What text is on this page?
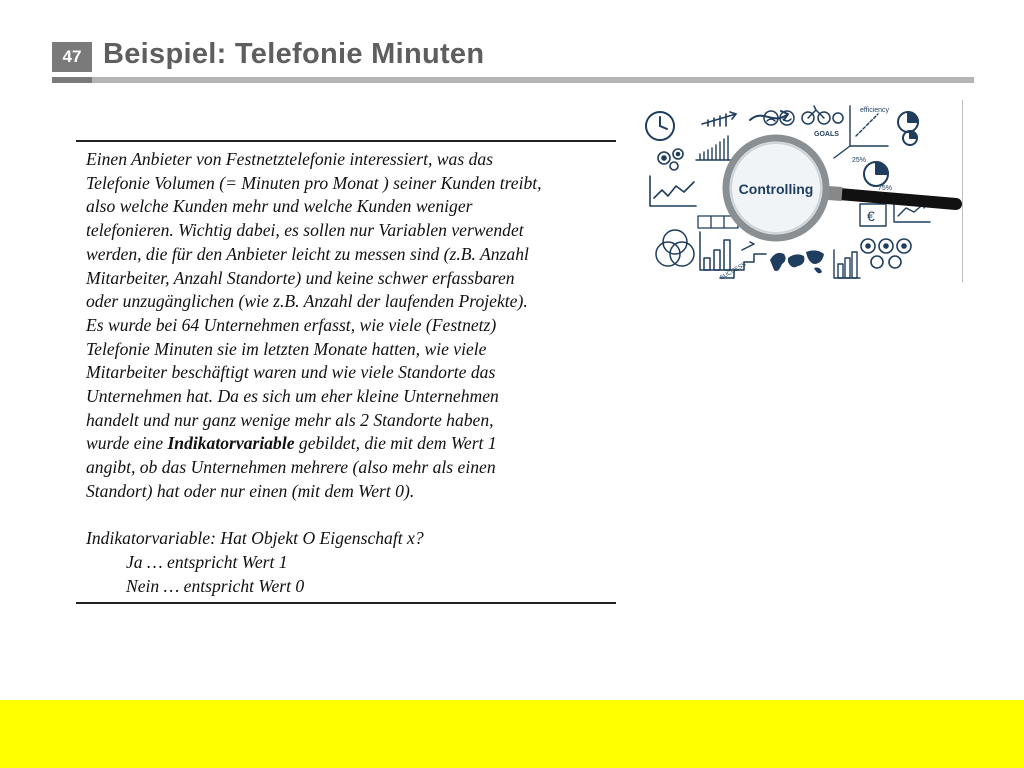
47 Beispiel: Telefonie Minuten
Einen Anbieter von Festnetztelefonie interessiert, was das
Telefonie Volumen (= Minuten pro Monat ) seiner Kunden treibt,
also welche Kunden mehr und welche Kunden weniger
telefonieren. Wichtig dabei, es sollen nur Variablen verwendet
werden, die für den Anbieter leicht zu messen sind (z.B. Anzahl
Mitarbeiter, Anzahl Standorte) und keine schwer erfassbaren
oder unzugänglichen (wie z.B. Anzahl der laufenden Projekte).
Es wurde bei 64 Unternehmen erfasst, wie viele (Festnetz)
Telefonie Minuten sie im letzten Monate hatten, wie viele
Mitarbeiter beschäftigt waren und wie viele Standorte das
Unternehmen hat. Da es sich um eher kleine Unternehmen
handelt und nur ganz wenige mehr als 2 Standorte haben,
wurde eine Indikatorvariable gebildet, die mit dem Wert 1
angibt, ob das Unternehmen mehrere (also mehr als einen
Standort) hat oder nur einen (mit dem Wert 0).
Indikatorvariable: Hat Objekt O Eigenschaft x?
Ja … entspricht Wert 1
Nein … entspricht Wert 0
Controlling
GOALS
efficiency
SUCCESS
25%
75%
€
